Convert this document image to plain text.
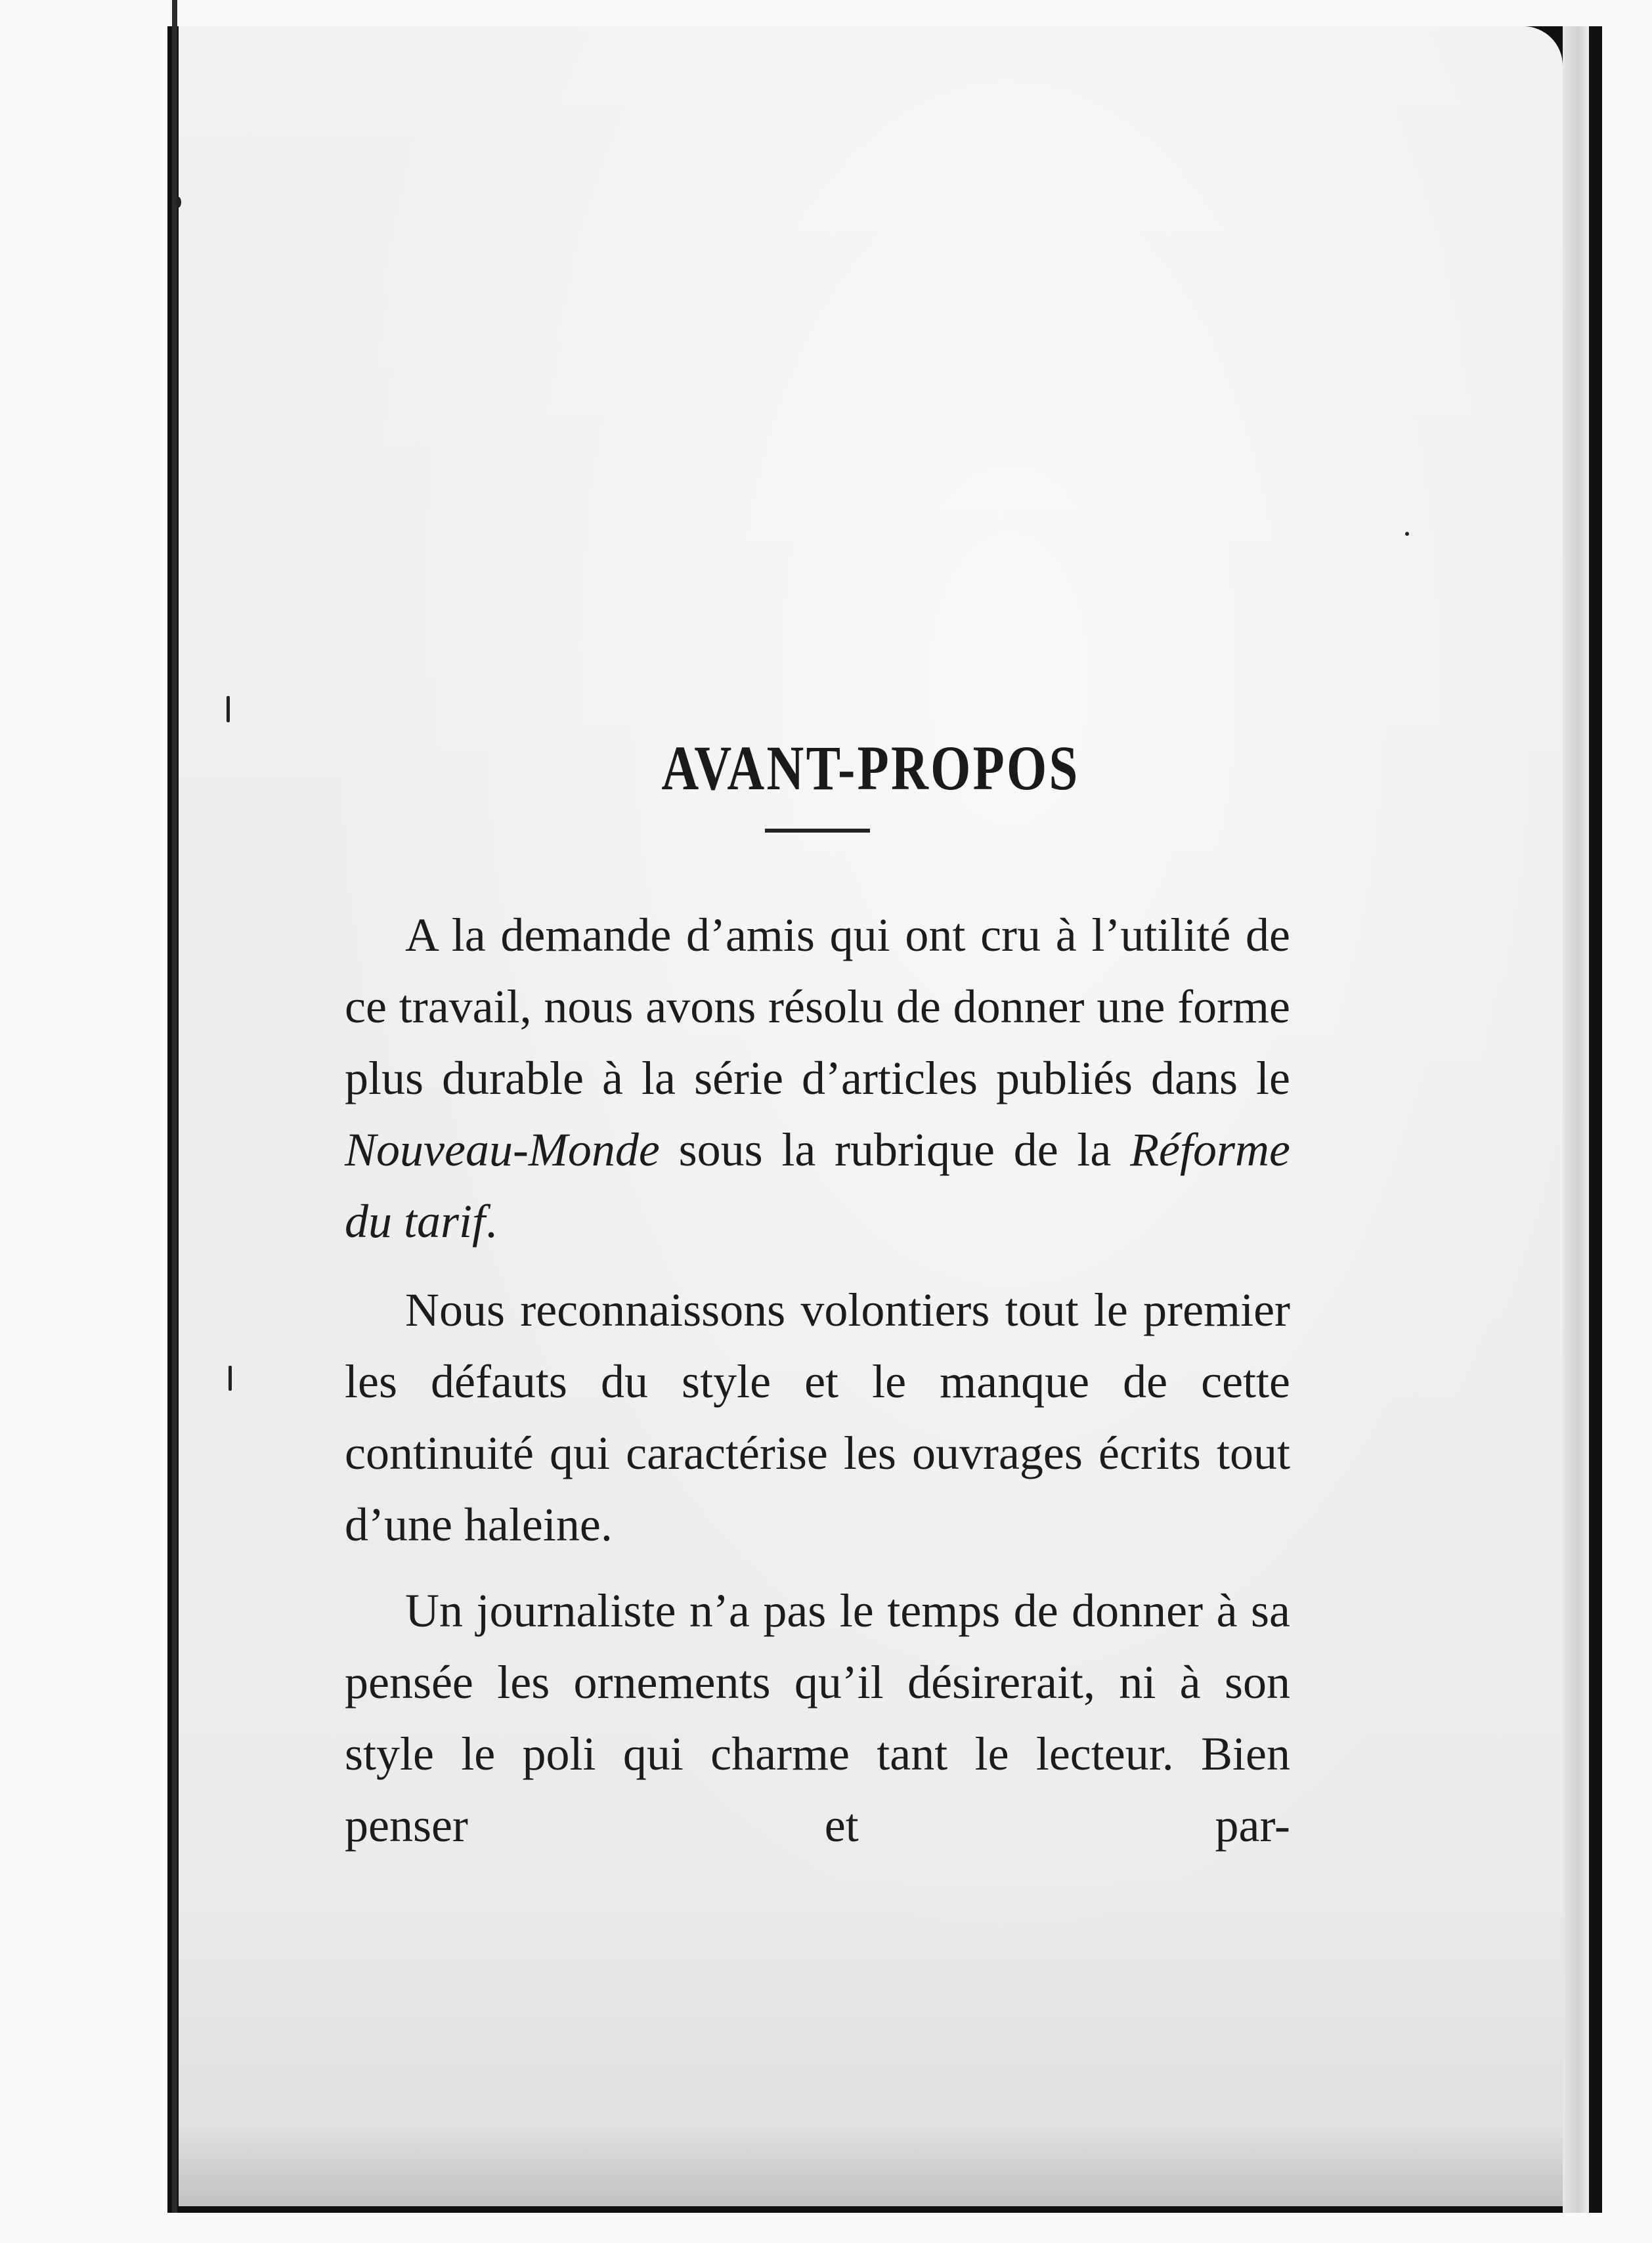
AVANT-PROPOS

A la demande d’amis qui ont cru à l’utilité de ce travail, nous avons résolu de donner une forme plus durable à la série d’articles publiés dans le Nouveau-Monde sous la rubrique de la Réforme du tarif.

Nous reconnaissons volontiers tout le premier les défauts du style et le manque de cette continuité qui caractérise les ouvrages écrits tout d’une haleine.

Un journaliste n’a pas le temps de donner à sa pensée les ornements qu’il désirerait, ni à son style le poli qui charme tant le lecteur. Bien penser et par-
